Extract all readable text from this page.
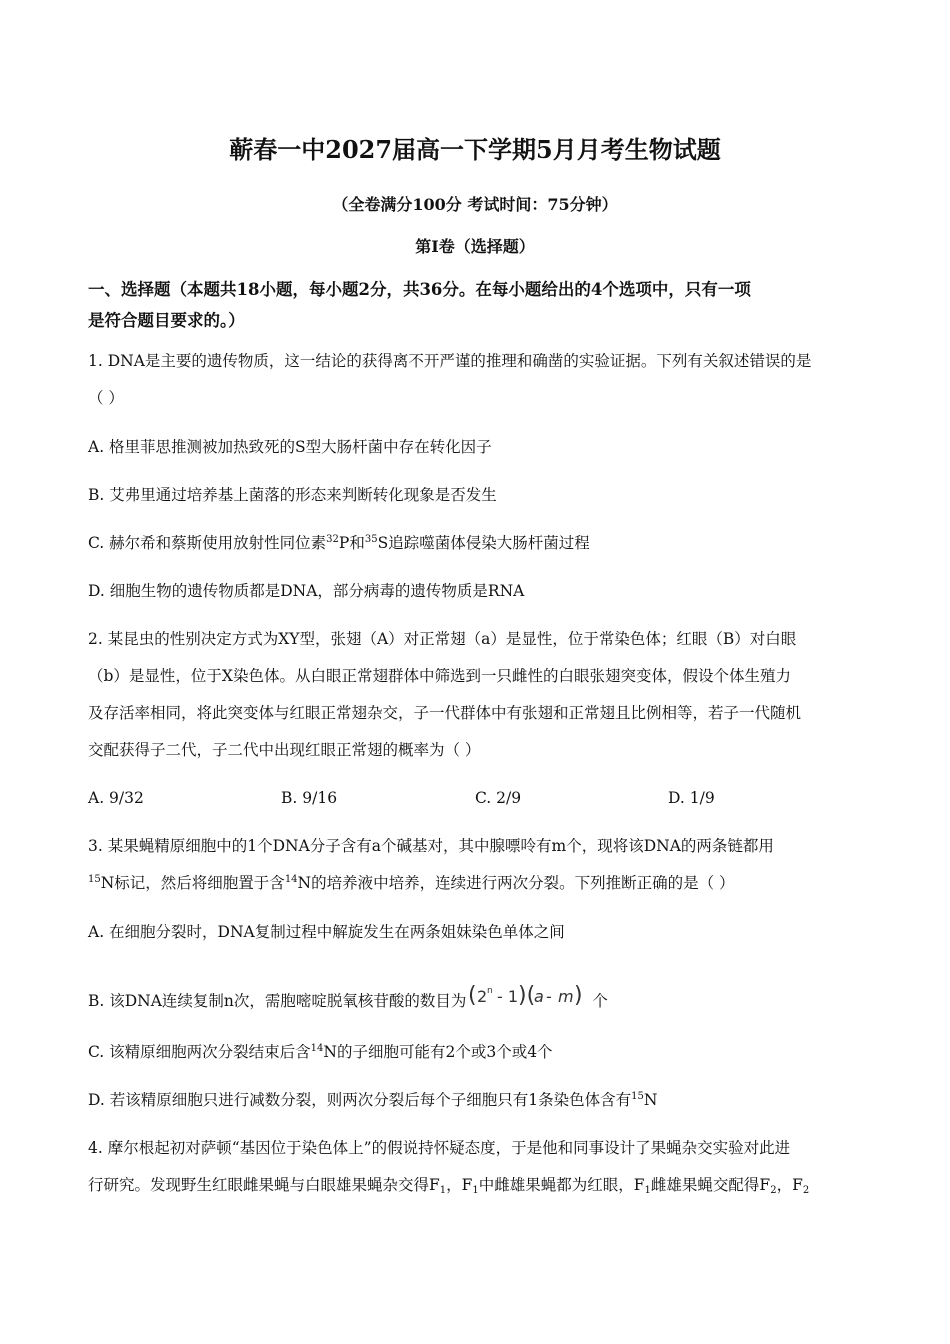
蕲春一中2027届高一下学期5月月考生物试题
（全卷满分100分 考试时间：75分钟）
第I卷（选择题）
一、选择题（本题共18小题，每小题2分，共36分。在每小题给出的4个选项中，只有一项
是符合题目要求的。）
1. DNA是主要的遗传物质，这一结论的获得离不开严谨的推理和确凿的实验证据。下列有关叙述错误的是
（ ）
A. 格里菲思推测被加热致死的S型大肠杆菌中存在转化因子
B. 艾弗里通过培养基上菌落的形态来判断转化现象是否发生
C. 赫尔希和蔡斯使用放射性同位素$^{32}$P和$^{35}$S追踪噬菌体侵染大肠杆菌过程
D. 细胞生物的遗传物质都是DNA，部分病毒的遗传物质是RNA
2. 某昆虫的性别决定方式为XY型，张翅（A）对正常翅（a）是显性，位于常染色体；红眼（B）对白眼
（b）是显性，位于X染色体。从白眼正常翅群体中筛选到一只雌性的白眼张翅突变体，假设个体生殖力
及存活率相同，将此突变体与红眼正常翅杂交，子一代群体中有张翅和正常翅且比例相等，若子一代随机
交配获得子二代，子二代中出现红眼正常翅的概率为（ ）
A. 9/32	B. 9/16	C. 2/9	D. 1/9
3. 某果蝇精原细胞中的1个DNA分子含有a个碱基对，其中腺嘌呤有m个，现将该DNA的两条链都用
$^{15}$N标记，然后将细胞置于含$^{14}$N的培养液中培养，连续进行两次分裂。下列推断正确的是（ ）
A. 在细胞分裂时，DNA复制过程中解旋发生在两条姐妹染色单体之间
B. 该DNA连续复制n次，需胞嘧啶脱氧核苷酸的数目为 ( 2 n - 1 )(
a - m ) 个
C. 该精原细胞两次分裂结束后含$^{14}$N的子细胞可能有2个或3个或4个
D. 若该精原细胞只进行减数分裂，则两次分裂后每个子细胞只有1条染色体含有$^{15}$N
4. 摩尔根起初对萨顿“基因位于染色体上”的假说持怀疑态度，于是他和同事设计了果蝇杂交实验对此进
行研究。发现野生红眼雌果蝇与白眼雄果蝇杂交得$F_1$，$F_1$中雌雄果蝇都为红眼，$F_1$雌雄果蝇交配得$F_2$，$F_2$
